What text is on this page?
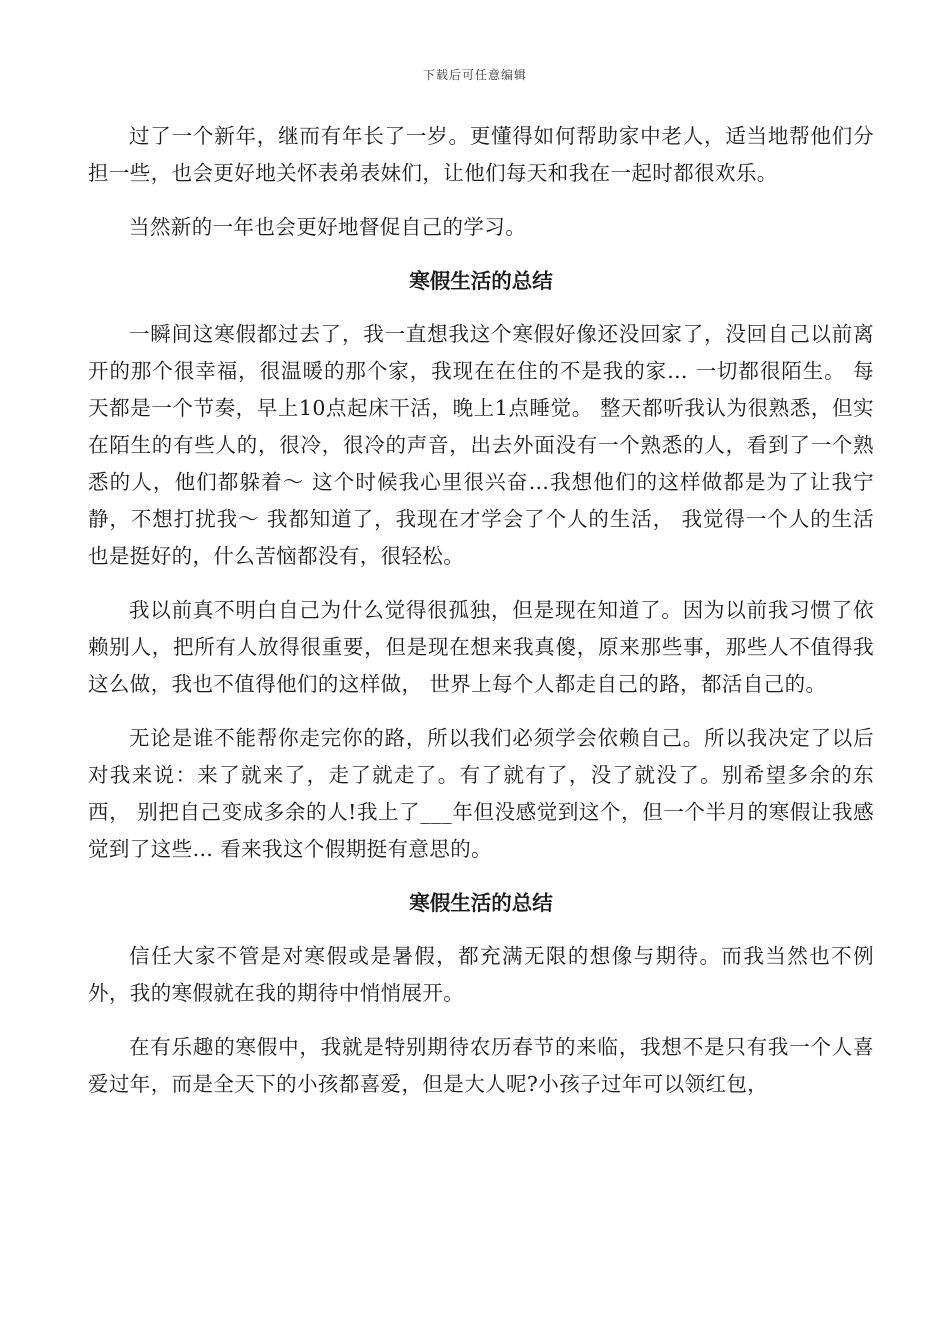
下载后可任意编辑

过了一个新年，继而有年长了一岁。更懂得如何帮助家中老人，适当地帮他们分担一些，也会更好地关怀表弟表妹们，让他们每天和我在一起时都很欢乐。

当然新的一年也会更好地督促自己的学习。

寒假生活的总结

一瞬间这寒假都过去了，我一直想我这个寒假好像还没回家了，没回自己以前离开的那个很幸福，很温暖的那个家，我现在在住的不是我的家… 一切都很陌生。 每天都是一个节奏，早上10点起床干活，晚上1点睡觉。 整天都听我认为很熟悉，但实在陌生的有些人的，很冷，很冷的声音，出去外面没有一个熟悉的人，看到了一个熟悉的人，他们都躲着～ 这个时候我心里很兴奋…我想他们的这样做都是为了让我宁静，不想打扰我～ 我都知道了，我现在才学会了个人的生活， 我觉得一个人的生活也是挺好的，什么苦恼都没有，很轻松。

我以前真不明白自己为什么觉得很孤独，但是现在知道了。因为以前我习惯了依赖别人，把所有人放得很重要，但是现在想来我真傻，原来那些事，那些人不值得我这么做，我也不值得他们的这样做， 世界上每个人都走自己的路，都活自己的。

无论是谁不能帮你走完你的路，所以我们必须学会依赖自己。所以我决定了以后对我来说：来了就来了，走了就走了。有了就有了，没了就没了。别希望多余的东西， 别把自己变成多余的人!我上了___年但没感觉到这个，但一个半月的寒假让我感觉到了这些… 看来我这个假期挺有意思的。

寒假生活的总结

信任大家不管是对寒假或是暑假，都充满无限的想像与期待。而我当然也不例外，我的寒假就在我的期待中悄悄展开。

在有乐趣的寒假中，我就是特别期待农历春节的来临，我想不是只有我一个人喜爱过年，而是全天下的小孩都喜爱，但是大人呢?小孩子过年可以领红包，
